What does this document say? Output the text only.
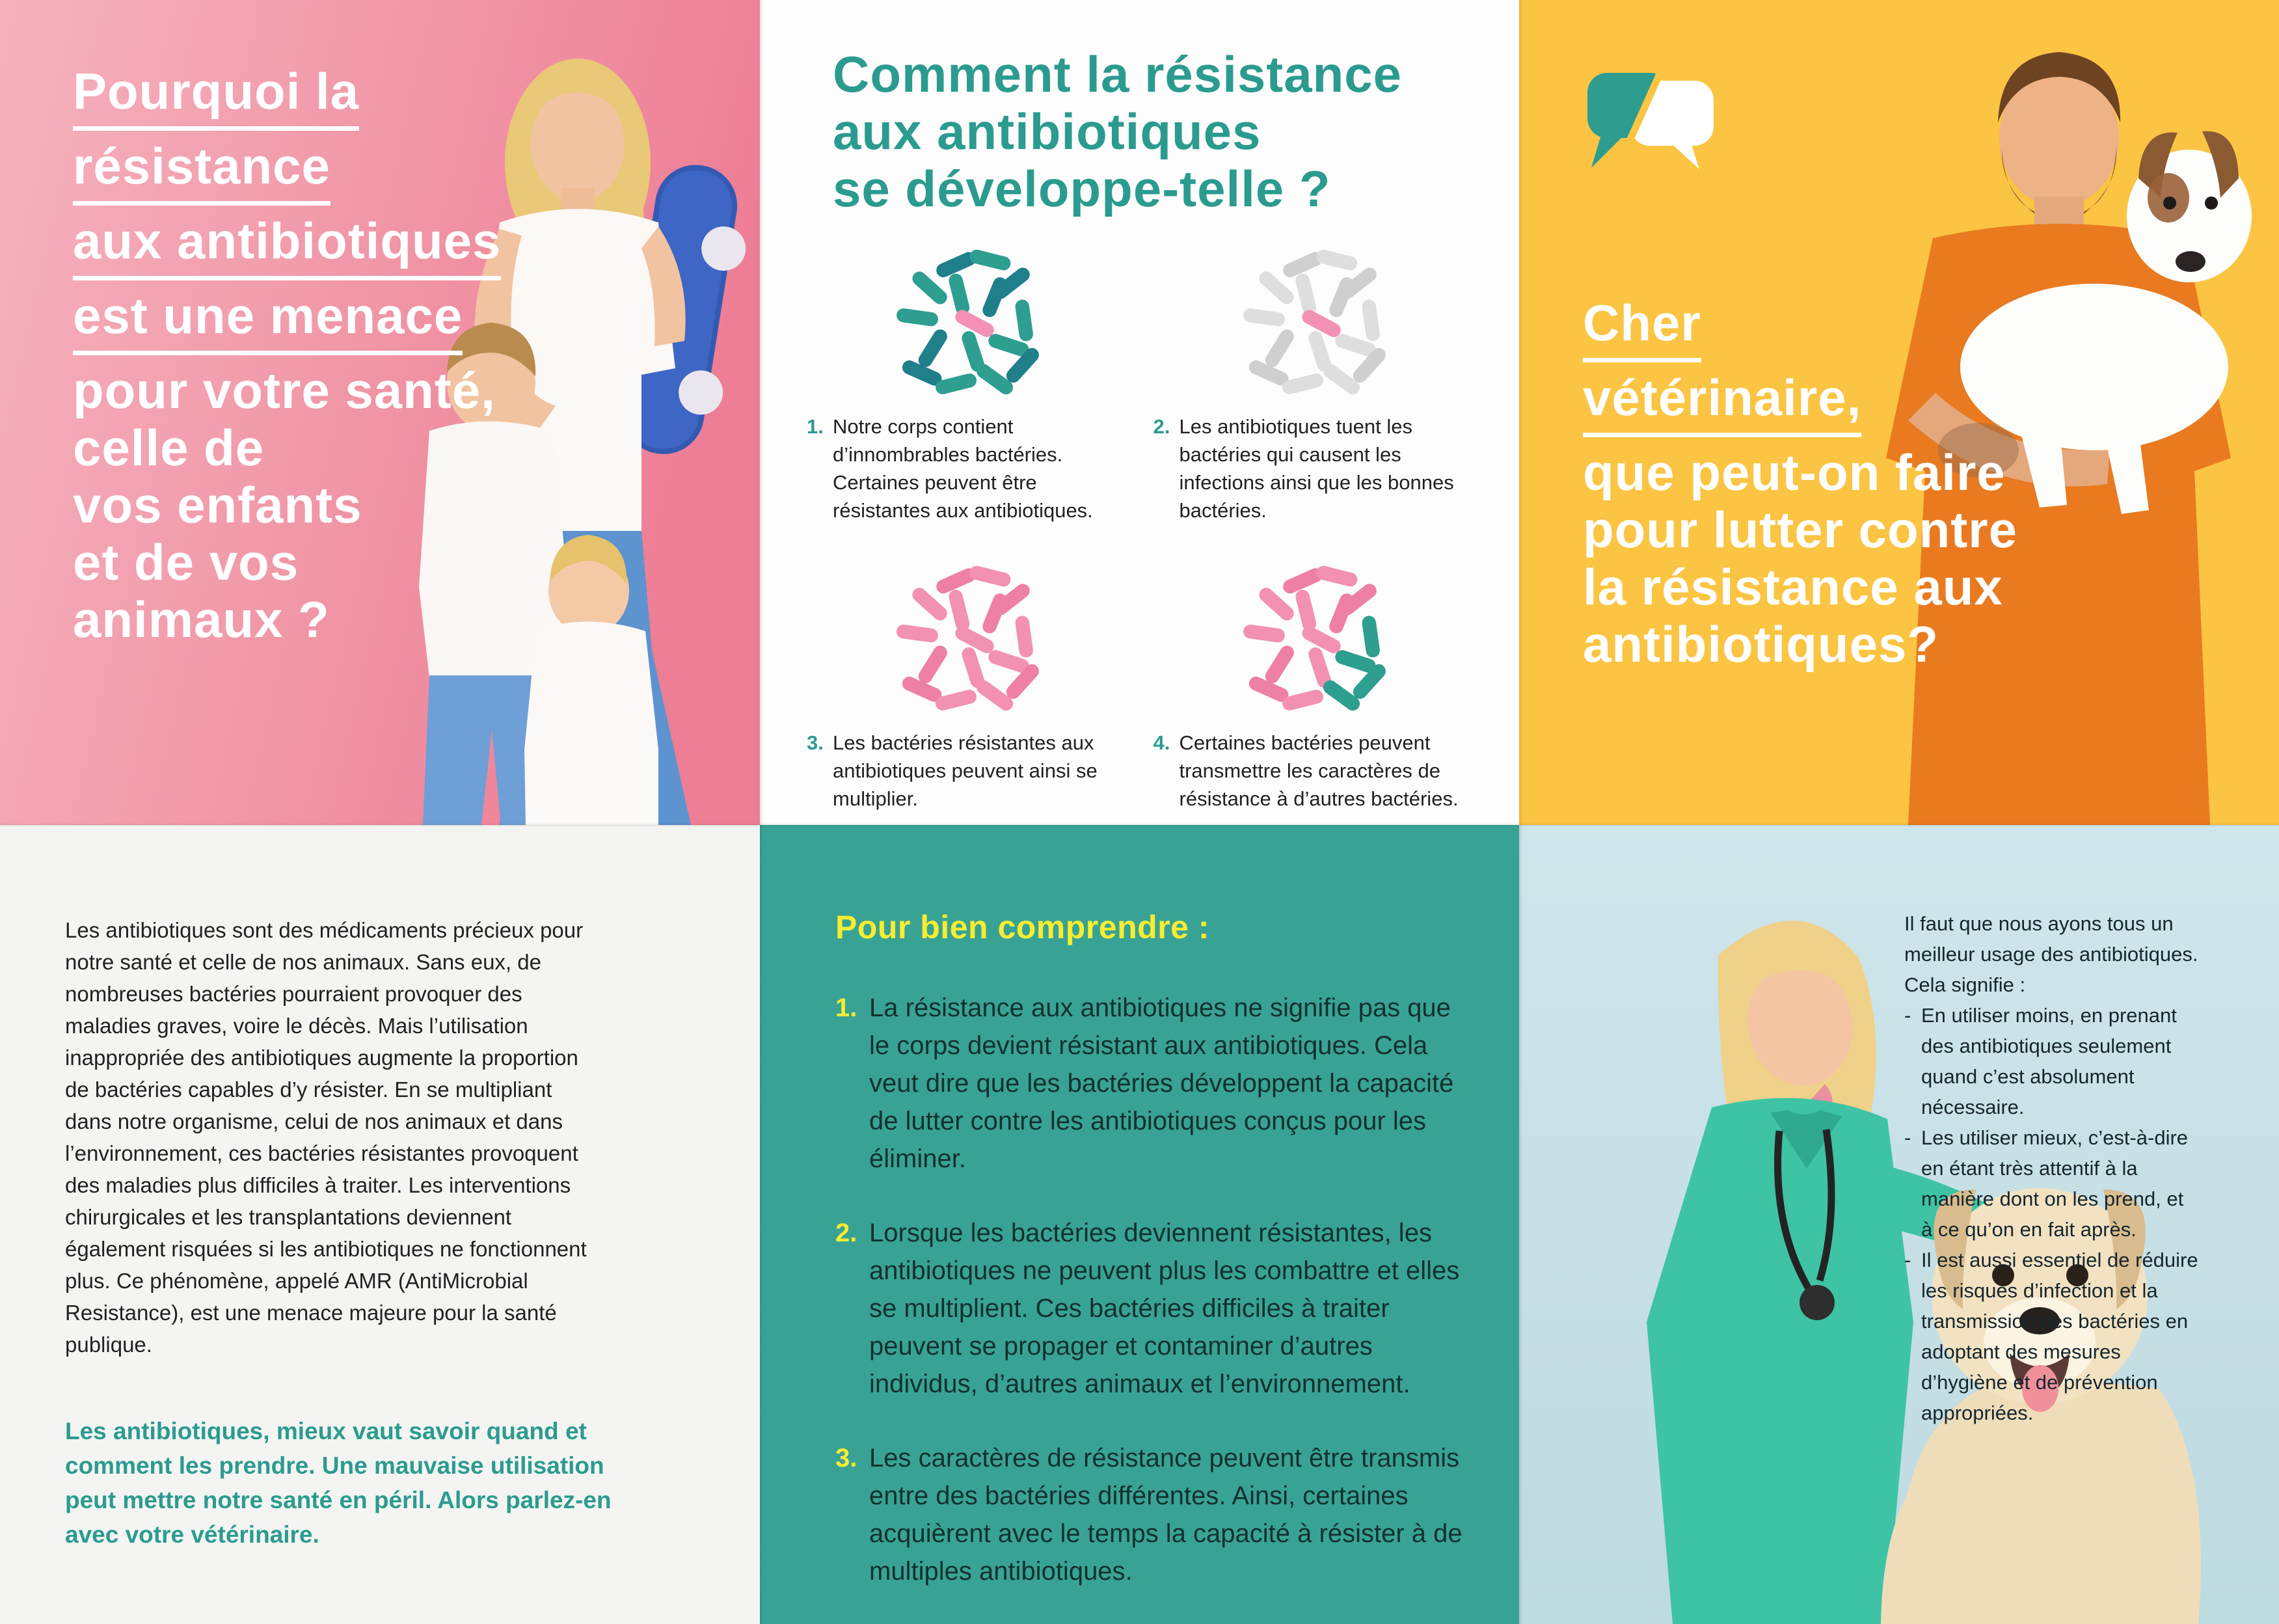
Pourquoi la
résistance
aux antibiotiques
est une menace
pour votre santé,
celle de
vos enfants
et de vos
animaux ?
Comment la résistance
aux antibiotiques
se développe-telle ?
1. Notre corps contient d’innombrables bactéries. Certaines peuvent être résistantes aux antibiotiques.
2. Les antibiotiques tuent les bactéries qui causent les infections ainsi que les bonnes bactéries.
3. Les bactéries résistantes aux antibiotiques peuvent ainsi se multiplier.
4. Certaines bactéries peuvent transmettre les caractères de résistance à d’autres bactéries.
Cher
vétérinaire,
que peut-on faire
pour lutter contre
la résistance aux
antibiotiques?
Les antibiotiques sont des médicaments précieux pour notre santé et celle de nos animaux. Sans eux, de nombreuses bactéries pourraient provoquer des maladies graves, voire le décès. Mais l’utilisation inappropriée des antibiotiques augmente la proportion de bactéries capables d’y résister. En se multipliant dans notre organisme, celui de nos animaux et dans l’environnement, ces bactéries résistantes provoquent des maladies plus difficiles à traiter. Les interventions chirurgicales et les transplantations deviennent également risquées si les antibiotiques ne fonctionnent plus. Ce phénomène, appelé AMR (AntiMicrobial Resistance), est une menace majeure pour la santé publique.
Les antibiotiques, mieux vaut savoir quand et comment les prendre. Une mauvaise utilisation peut mettre notre santé en péril. Alors parlez-en avec votre vétérinaire.
Pour bien comprendre :
1. La résistance aux antibiotiques ne signifie pas que le corps devient résistant aux antibiotiques. Cela veut dire que les bactéries développent la capacité de lutter contre les antibiotiques conçus pour les éliminer.
2. Lorsque les bactéries deviennent résistantes, les antibiotiques ne peuvent plus les combattre et elles se multiplient. Ces bactéries difficiles à traiter peuvent se propager et contaminer d’autres individus, d’autres animaux et l’environnement.
3. Les caractères de résistance peuvent être transmis entre des bactéries différentes. Ainsi, certaines acquièrent avec le temps la capacité à résister à de multiples antibiotiques.
Il faut que nous ayons tous un meilleur usage des antibiotiques. Cela signifie :
- En utiliser moins, en prenant des antibiotiques seulement quand c’est absolument nécessaire.
- Les utiliser mieux, c’est-à-dire en étant très attentif à la manière dont on les prend, et à ce qu’on en fait après.
- Il est aussi essentiel de réduire les risques d’infection et la transmission des bactéries en adoptant des mesures d’hygiène et de prévention appropriées.
